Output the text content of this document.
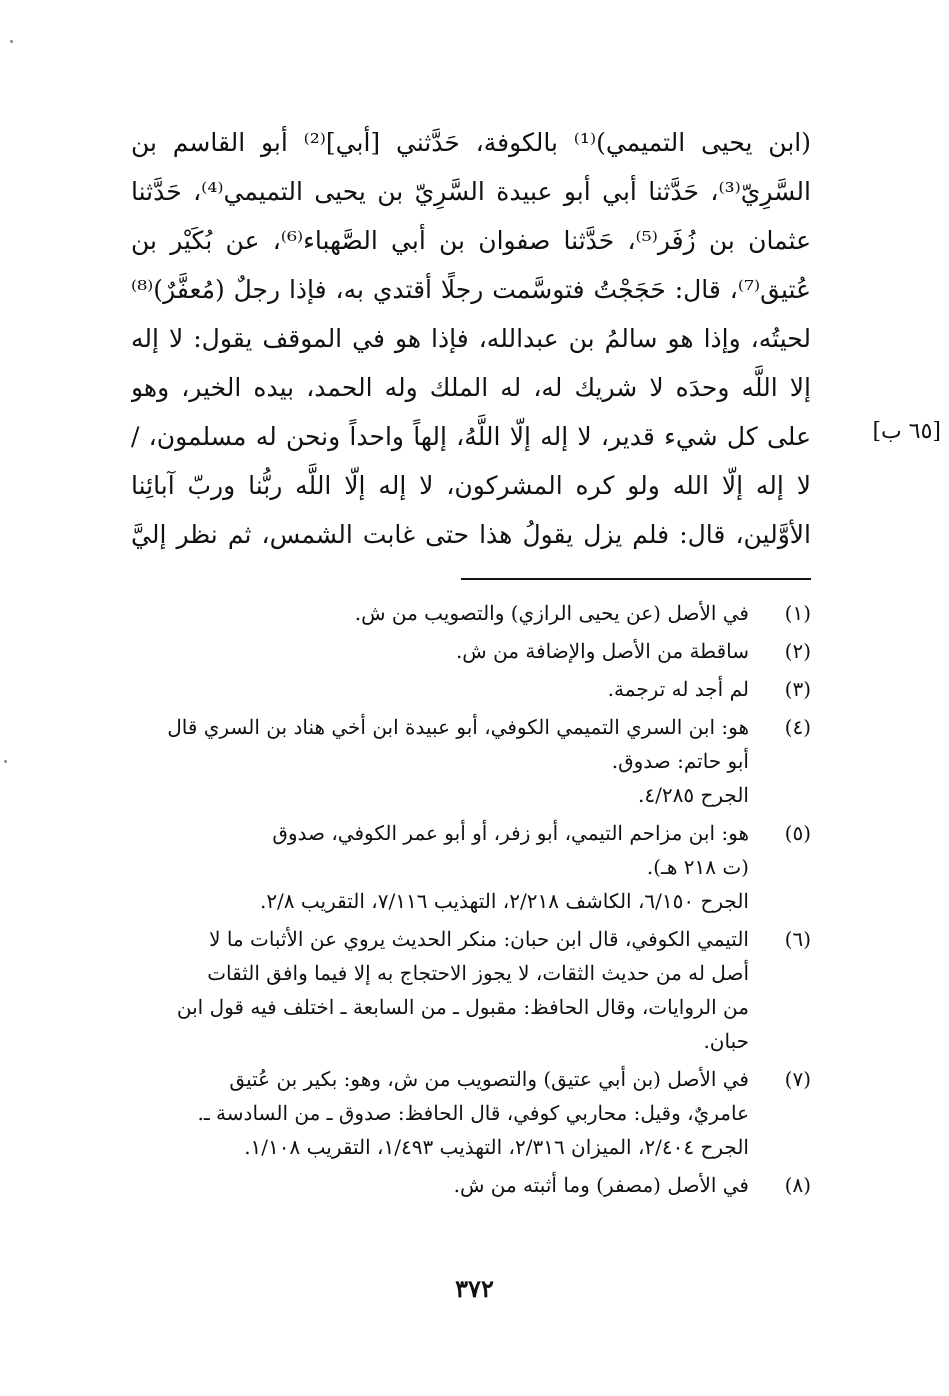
(ابن يحيى التميمي)⁽¹⁾ بالكوفة، حَدَّثني [أبي]⁽²⁾ أبو القاسم بن
السَّرِيّ⁽³⁾، حَدَّثنا أبي أبو عبيدة السَّرِيّ بن يحيى التميمي⁽⁴⁾، حَدَّثنا
عثمان بن زُفَر⁽⁵⁾، حَدَّثنا صفوان بن أبي الصَّهباء⁽⁶⁾، عن بُكَيْر بن
عُتيق⁽⁷⁾، قال: حَجَجْتُ فتوسَّمت رجلًا أقتدي به، فإذا رجلٌ (مُعفَّرٌ)⁽⁸⁾
لحيتُه، وإذا هو سالمُ بن عبدالله، فإذا هو في الموقف يقول: لا إله
إلا اللَّه وحدَه لا شريك له، له الملك وله الحمد، بيده الخير، وهو
على كل شيء قدير، لا إله إلّا اللَّهُ، إلهاً واحداً ونحن له مسلمون، /
لا إله إلّا الله ولو كره المشركون، لا إله إلّا اللَّه ربُّنا وربّ آبائِنا
الأوَّلين، قال: فلم يزل يقولُ هذا حتى غابت الشمس، ثم نظر إليَّ
[٦٥ ب]
(١)
في الأصل (عن يحيى الرازي) والتصويب من ش.
(٢)
ساقطة من الأصل والإضافة من ش.
(٣)
لم أجد له ترجمة.
(٤)
هو: ابن السري التميمي الكوفي، أبو عبيدة ابن أخي هناد بن السري قال
أبو حاتم: صدوق.
الجرح ٤/٢٨٥.
(٥)
هو: ابن مزاحم التيمي، أبو زفر، أو أبو عمر الكوفي، صدوق
(ت ٢١٨ هـ).
الجرح ٦/١٥٠، الكاشف ٢/٢١٨، التهذيب ٧/١١٦، التقريب ٢/٨.
(٦)
التيمي الكوفي، قال ابن حبان: منكر الحديث يروي عن الأثبات ما لا
أصل له من حديث الثقات، لا يجوز الاحتجاج به إلا فيما وافق الثقات
من الروايات، وقال الحافظ: مقبول ـ من السابعة ـ اختلف فيه قول ابن
حبان.
(٧)
في الأصل (بن أبي عتيق) والتصويب من ش، وهو: بكير بن عُتيق
عامريٌ، وقيل: محاربي كوفي، قال الحافظ: صدوق ـ من السادسة ـ.
الجرح ٢/٤٠٤، الميزان ٢/٣١٦، التهذيب ١/٤٩٣، التقريب ١/١٠٨.
(٨)
في الأصل (مصفر) وما أثبته من ش.
٣٧٢
